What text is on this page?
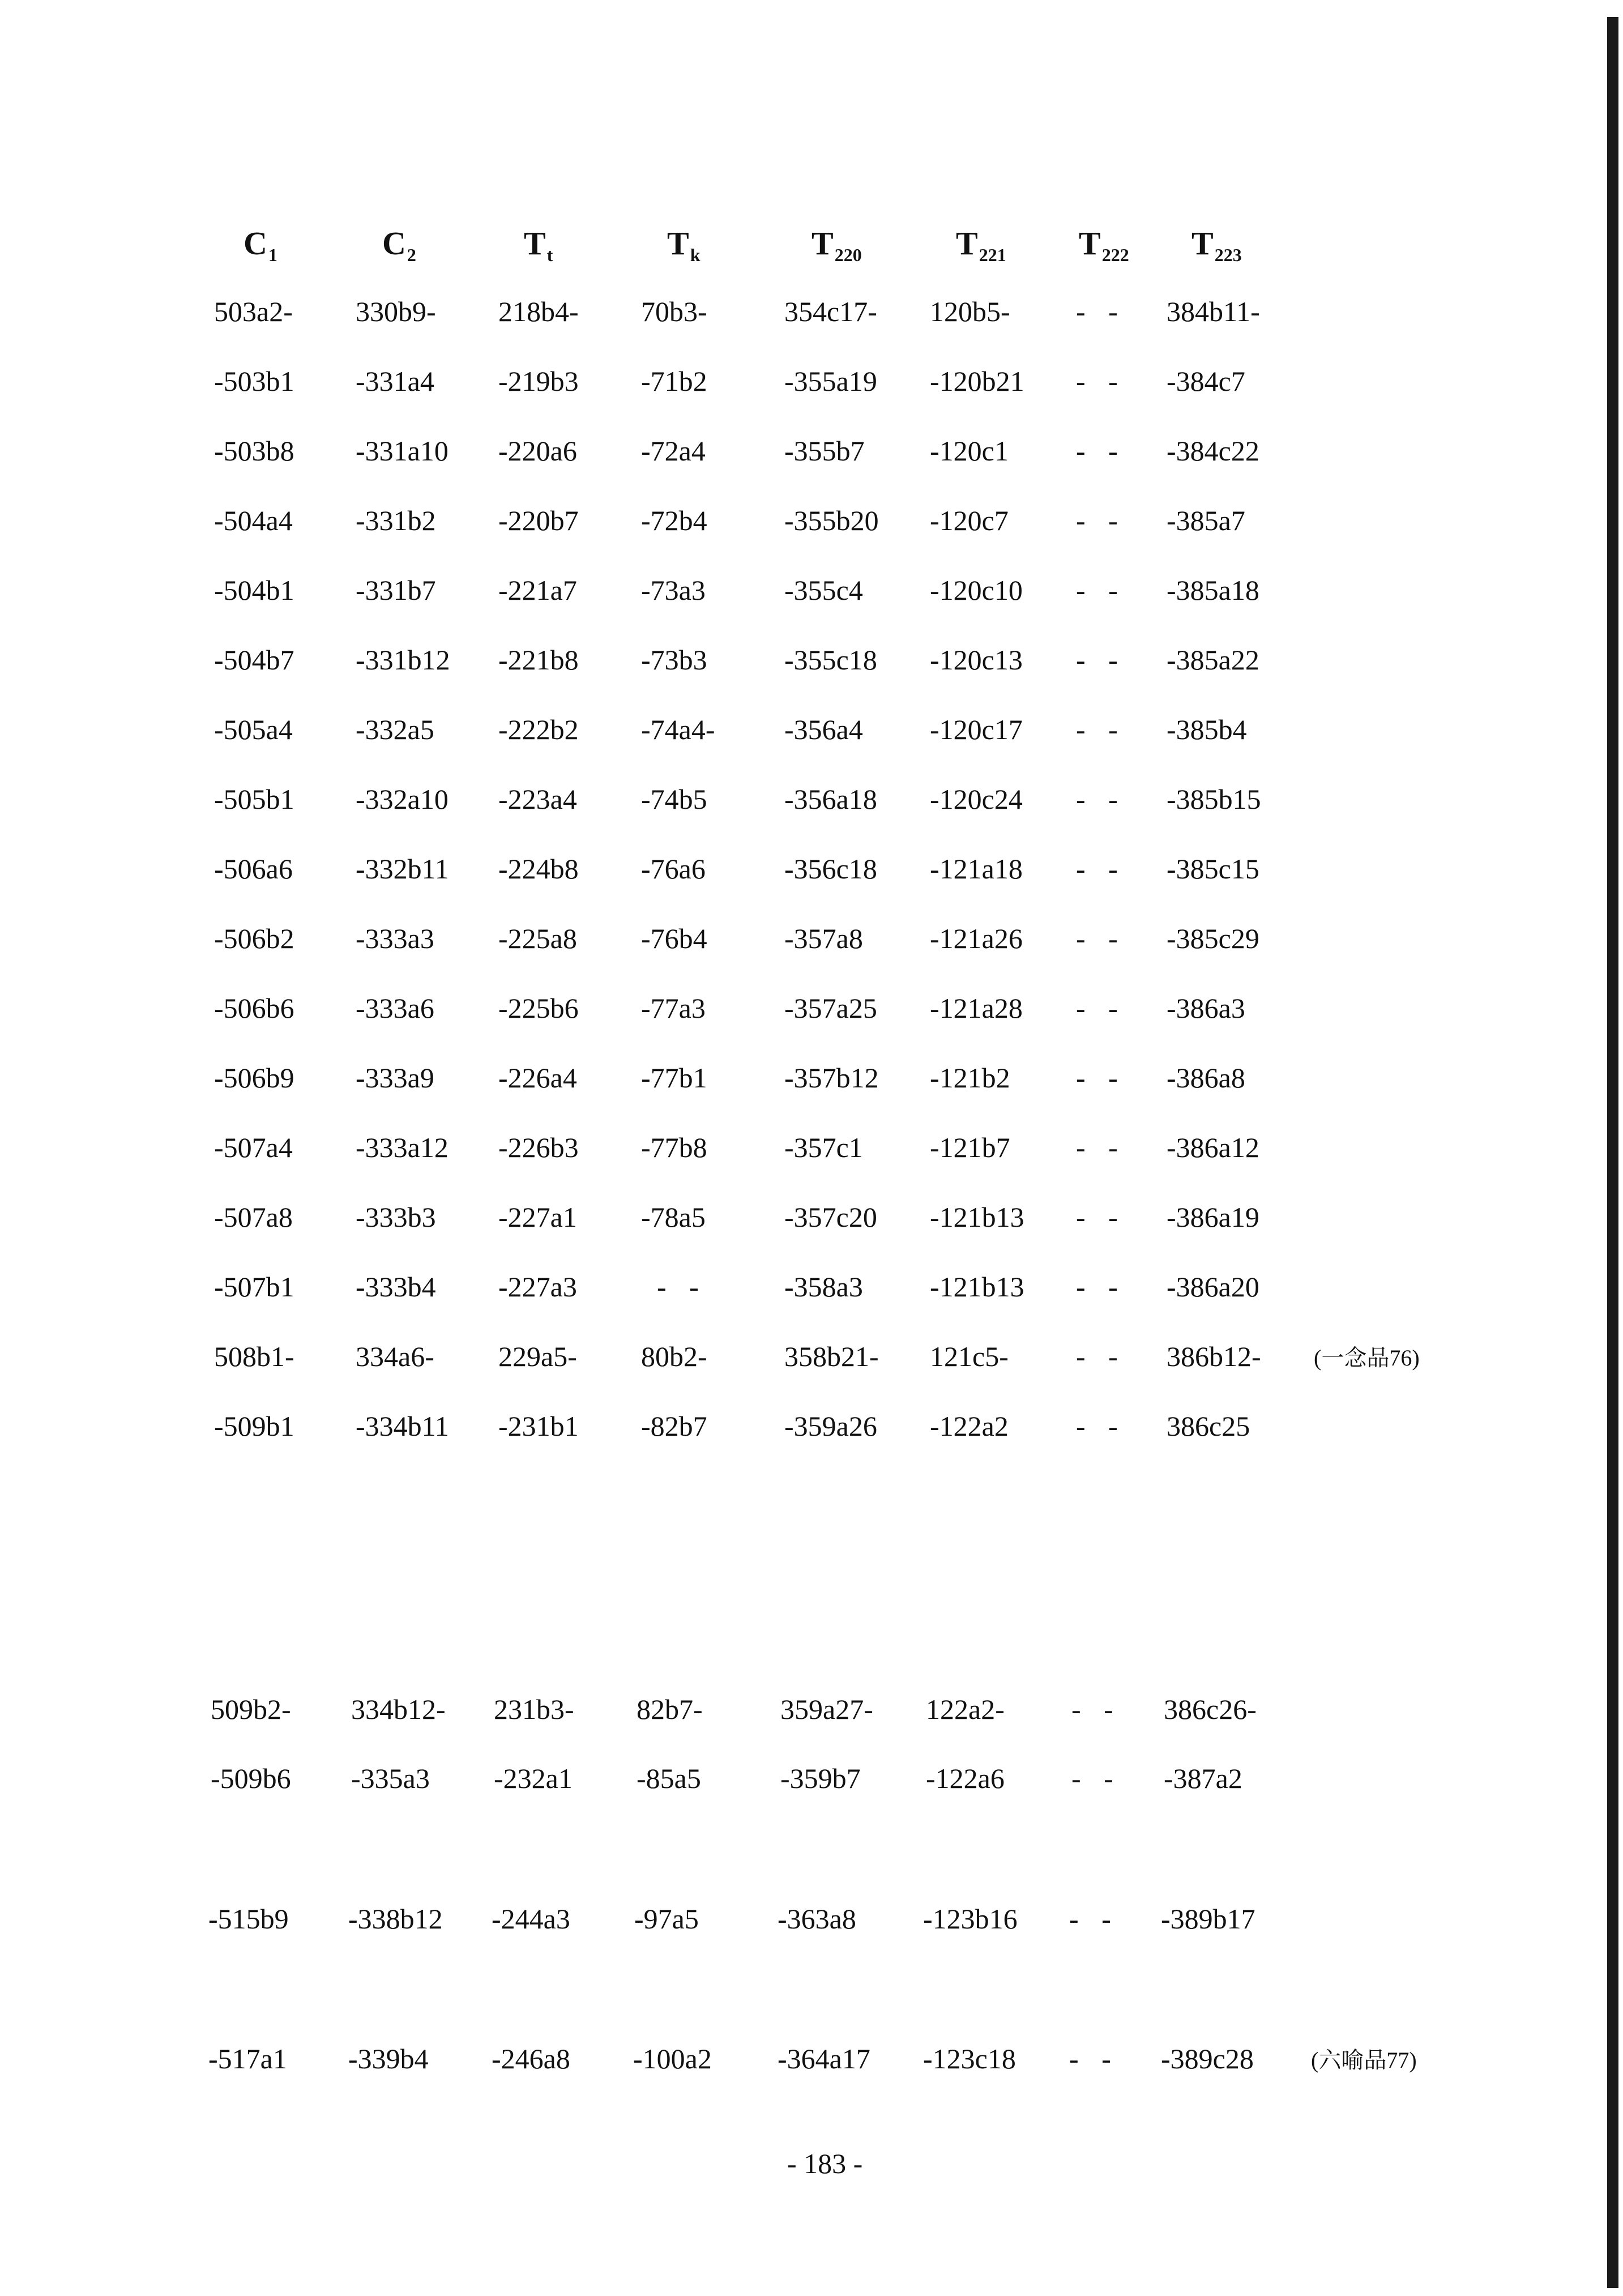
$C_1$	$C_2$	$T_t$	$T_k$	$T_{220}$	$T_{221}$ $T_{222}$ $T_{223}$
503a2- 330b9- 218b4- 70b3-	354c17- 120b5- - - 384b11-
-503b1 -331a4 -219b3 -71b2	-355a19 -120b21 - - -384c7
-503b8 -331a10 -220a6 -72a4	-355b7 -120c1 - - -384c22
-504a4 -331b2 -220b7 -72b4	-355b20 -120c7 - - -385a7
-504b1 -331b7 -221a7 -73a3	-355c4 -120c10 - - -385a18
-504b7 -331b12 -221b8 -73b3	-355c18 -120c13 - - -385a22
-505a4 -332a5 -222b2 -74a4- -356a4 -120c17 - - -385b4
-505b1 -332a10 -223a4 -74b5	-356a18 -120c24 - - -385b15
-506a6 -332b11 -224b8 -76a6	-356c18 -121a18 - - -385c15
-506b2 -333a3 -225a8 -76b4	-357a8 -121a26 - - -385c29
-506b6 -333a6 -225b6 -77a3	-357a25 -121a28 - - -386a3
-506b9 -333a9 -226a4 -77b1	-357b12 -121b2 - - -386a8
-507a4 -333a12 -226b3 -77b8	-357c1 -121b7 - - -386a12
-507a8 -333b3 -227a1 -78a5	-357c20 -121b13 - - -386a19
-507b1 -333b4 -227a3	- -	-358a3 -121b13 - - -386a20
508b1- 334a6- 229a5- 80b2-	358b21- 121c5- - - 386b12- (一念品76)
-509b1 -334b11 -231b1 -82b7	-359a26 -122a2 - - 386c25
509b2- 334b12- 231b3- 82b7-	359a27- 122a2- - - 386c26-
-509b6 -335a3 -232a1 -85a5	-359b7 -122a6 - - -387a2
-515b9 -338b12 -244a3 -97a5	-363a8 -123b16 - - -389b17
-517a1 -339b4 -246a8 -100a2 -364a17 -123c18 - - -389c28	(六喻品77)
- 183 -
